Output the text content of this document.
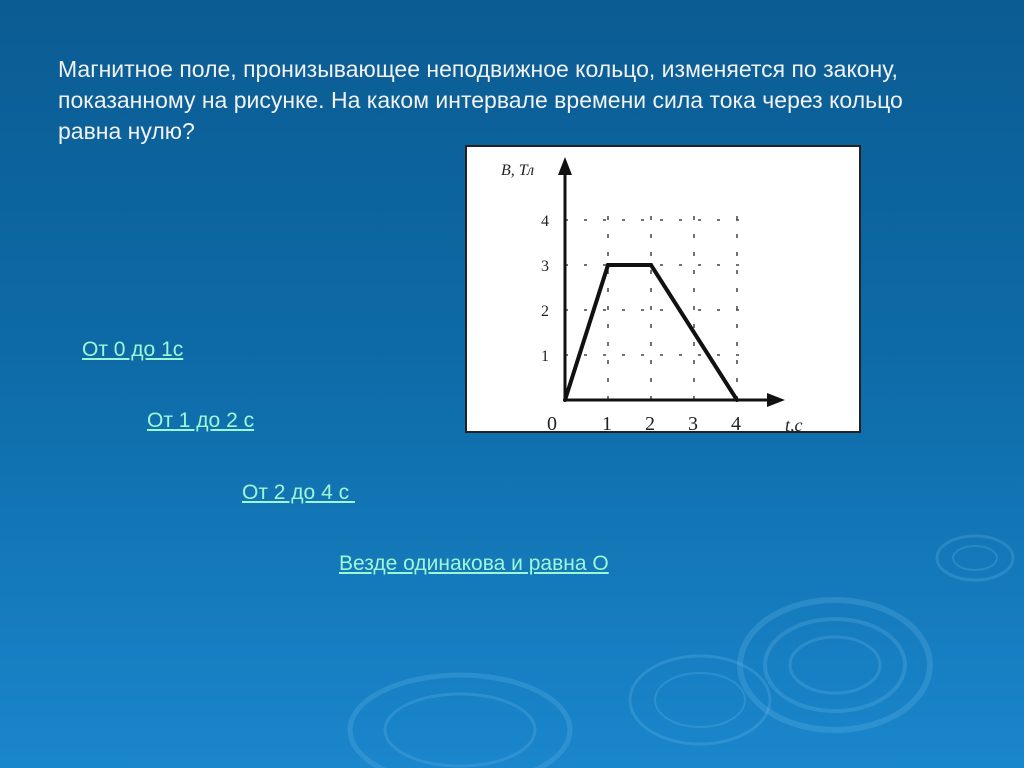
Магнитное поле, пронизывающее неподвижное кольцо, изменяется по закону, показанному на рисунке. На каком интервале времени сила тока через кольцо равна нулю?

В, Тл
t,c
0 1 2 3 4
1
2
3
4
От 0 до 1с
От 1 до 2 с
От 2 до 4 с
Везде одинакова и равна О
